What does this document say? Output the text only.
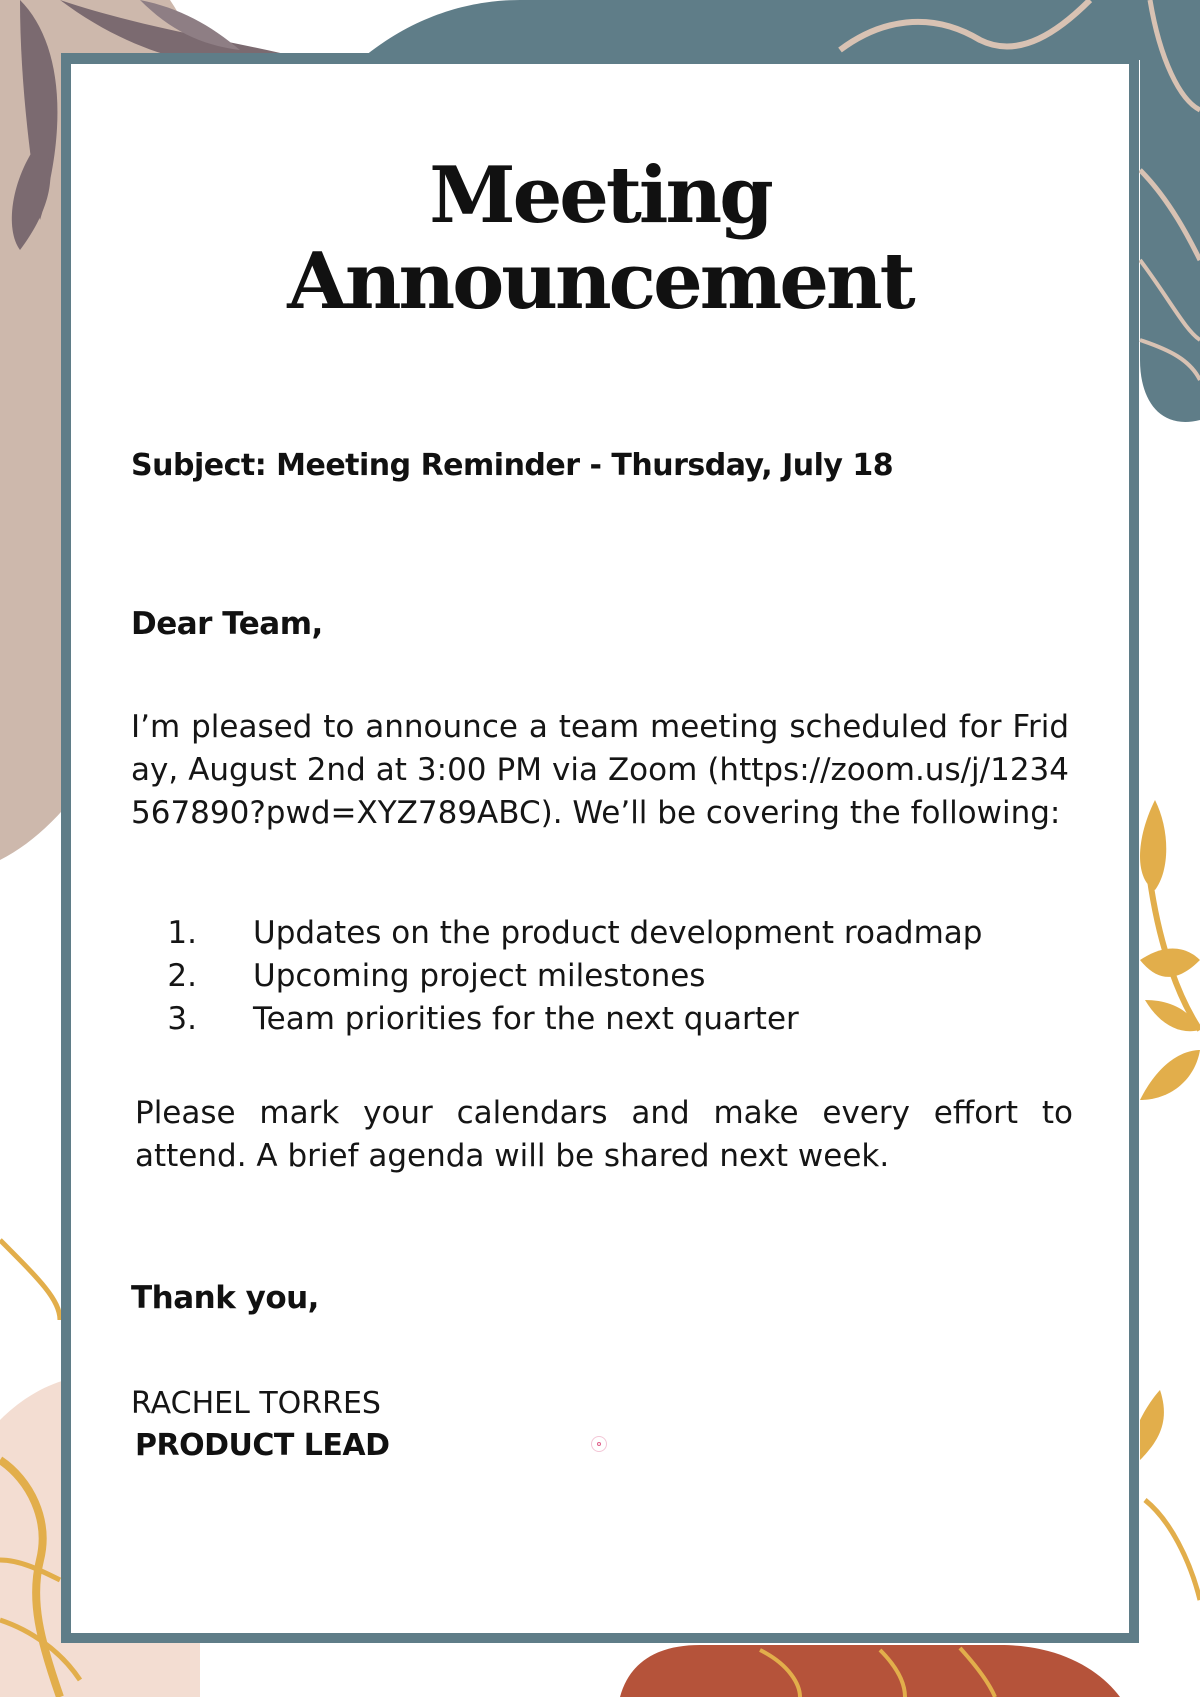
Meeting
Announcement
Subject: Meeting Reminder - Thursday, July 18
Dear Team,

I’m pleased to announce a team meeting scheduled for Friday, August 2nd at 3:00 PM via Zoom (https://zoom.us/j/1234567890?pwd=XYZ789ABC). We’ll be covering the following:

1. Updates on the product development roadmap
2. Upcoming project milestones
3. Team priorities for the next quarter

Please mark your calendars and make every effort to attend. A brief agenda will be shared next week.

Thank you,
RACHEL TORRES
PRODUCT LEAD
